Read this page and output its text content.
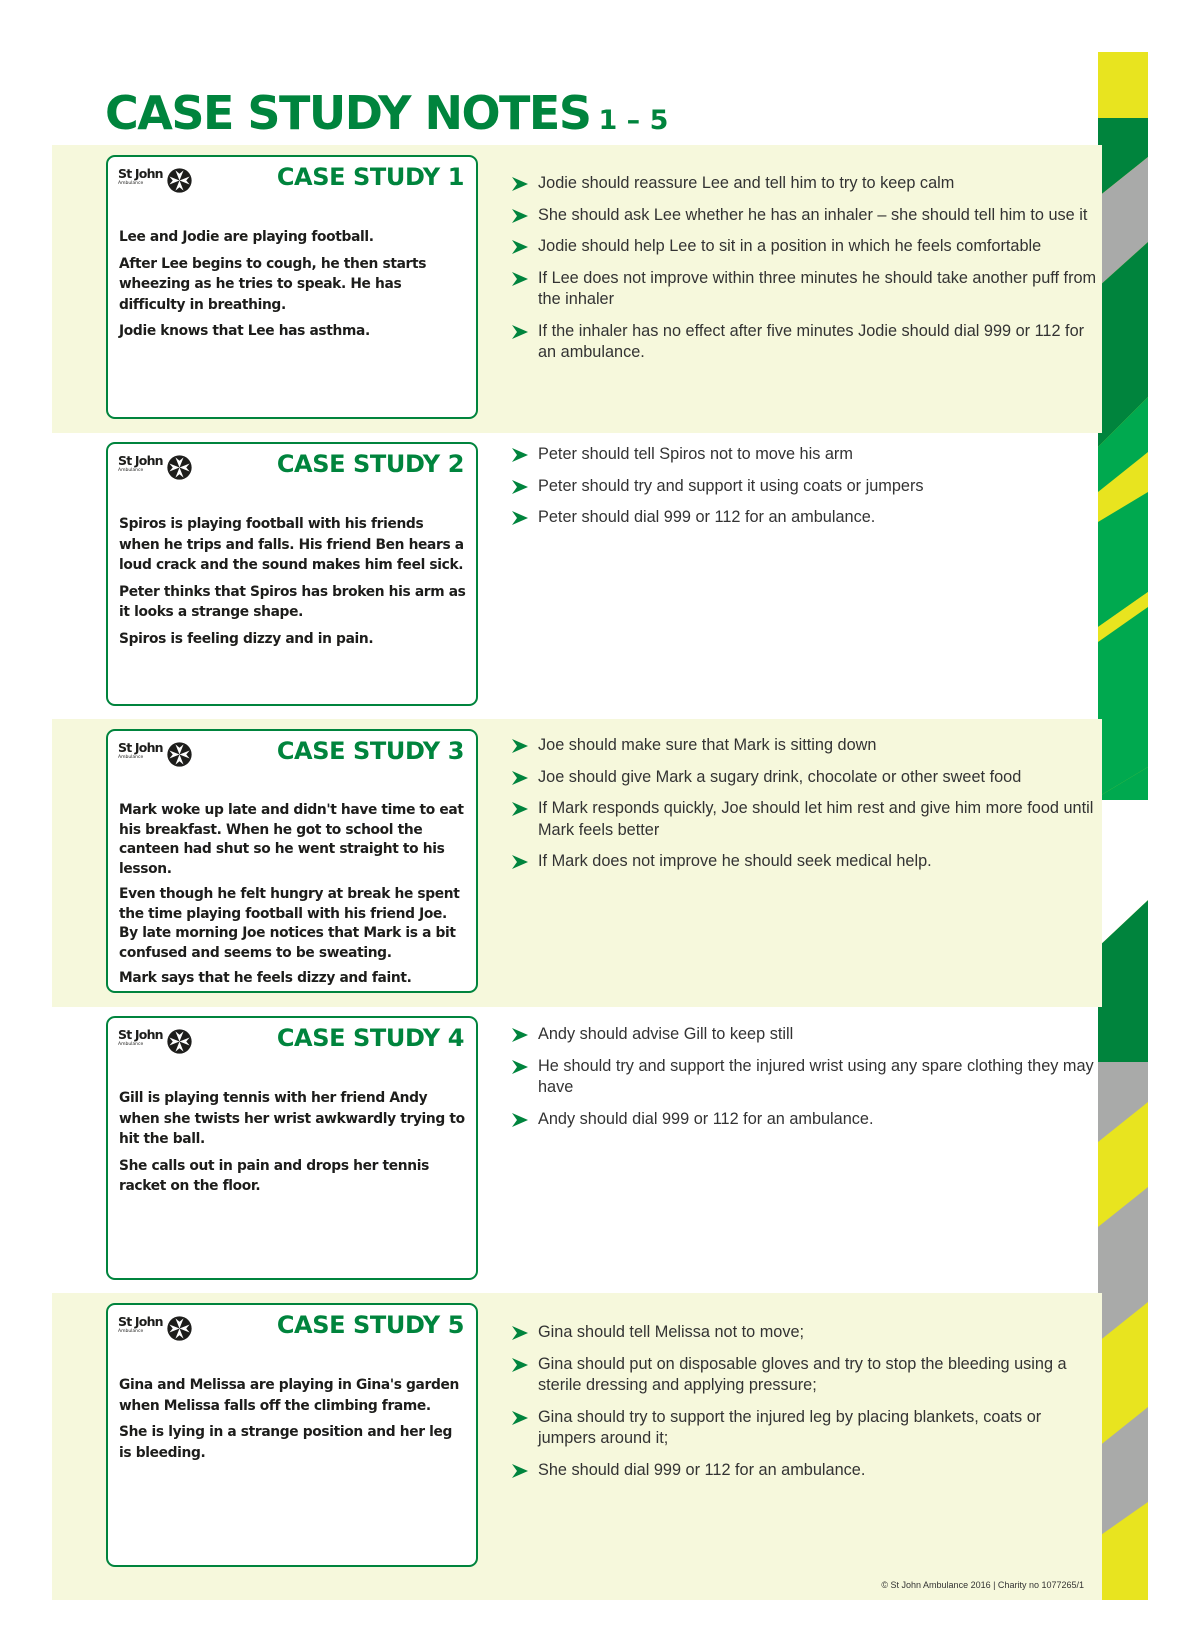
CASE STUDY NOTES 1 – 5
St John
Ambulance	CASE STUDY 1

Lee and Jodie are playing football.

After Lee begins to cough, he then starts wheezing as he tries to speak. He has difficulty in breathing.

Jodie knows that Lee has asthma.

Jodie should reassure Lee and tell him to try to keep calm
She should ask Lee whether he has an inhaler – she should tell him to use it
Jodie should help Lee to sit in a position in which he feels comfortable
If Lee does not improve within three minutes he should take another puff from the inhaler
If the inhaler has no effect after five minutes Jodie should dial 999 or 112 for an ambulance.
St John
Ambulance	CASE STUDY 2

Spiros is playing football with his friends when he trips and falls. His friend Ben hears a loud crack and the sound makes him feel sick.

Peter thinks that Spiros has broken his arm as it looks a strange shape.

Spiros is feeling dizzy and in pain.

Peter should tell Spiros not to move his arm
Peter should try and support it using coats or jumpers
Peter should dial 999 or 112 for an ambulance.
St John
Ambulance	CASE STUDY 3

Mark woke up late and didn't have time to eat his breakfast. When he got to school the canteen had shut so he went straight to his lesson.

Even though he felt hungry at break he spent the time playing football with his friend Joe. By late morning Joe notices that Mark is a bit confused and seems to be sweating.

Mark says that he feels dizzy and faint.

Joe should make sure that Mark is sitting down
Joe should give Mark a sugary drink, chocolate or other sweet food
If Mark responds quickly, Joe should let him rest and give him more food until Mark feels better
If Mark does not improve he should seek medical help.
St John
Ambulance	CASE STUDY 4

Gill is playing tennis with her friend Andy when she twists her wrist awkwardly trying to hit the ball.

She calls out in pain and drops her tennis racket on the floor.

Andy should advise Gill to keep still
He should try and support the injured wrist using any spare clothing they may have
Andy should dial 999 or 112 for an ambulance.
St John
Ambulance	CASE STUDY 5

Gina and Melissa are playing in Gina's garden when Melissa falls off the climbing frame.

She is lying in a strange position and her leg is bleeding.

Gina should tell Melissa not to move;
Gina should put on disposable gloves and try to stop the bleeding using a sterile dressing and applying pressure;
Gina should try to support the injured leg by placing blankets, coats or jumpers around it;
She should dial 999 or 112 for an ambulance.
© St John Ambulance 2016 | Charity no 1077265/1
